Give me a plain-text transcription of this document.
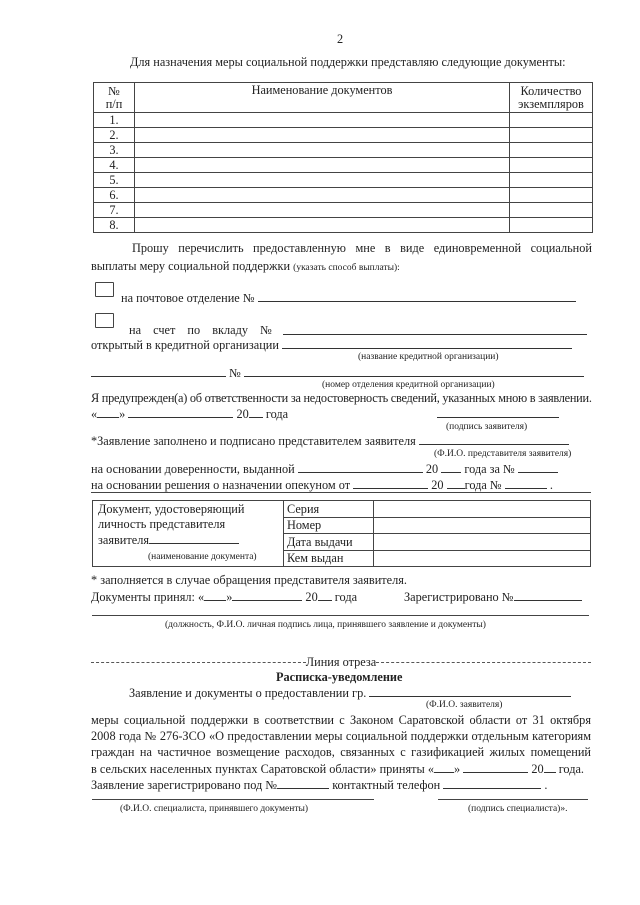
2
Для назначения меры социальной поддержки представляю следующие документы:
№
п/п	Наименование документов	Количество
экземпляров
1.		
2.		
3.		
4.		
5.		
6.		
7.		
8.		
Прошу перечислить предоставленную мне в виде единовременной социальной
выплаты меру социальной поддержки (указать способ выплаты):
на почтовое отделение №
на счет по вкладу №
открытый в кредитной организации
(название кредитной организации)
№
(номер отделения кредитной организации)
Я предупрежден(а) об ответственности за недостоверность сведений, указанных мною в заявлении.
« »	20 года
(подпись заявителя)
*Заявление заполнено и подписано представителем заявителя
(Ф.И.О. представителя заявителя)
на основании доверенности, выданной	20 года за №
на основании решения о назначении опекуном от	20 года №	.
Документ, удостоверяющий
личность представителя
заявителя
(наименование документа)	Серия	
	Номер	
	Дата выдачи	
	Кем выдан	
* заполняется в случае обращения представителя заявителя.
Документы принял: « »	20 года	Зарегистрировано №
(должность, Ф.И.О. личная подпись лица, принявшего заявление и документы)
Линия отреза
Расписка-уведомление
Заявление и документы о предоставлении гр.
(Ф.И.О. заявителя)
меры социальной поддержки в соответствии с Законом Саратовской области от 31 октября
2008 года № 276-ЗСО «О предоставлении меры социальной поддержки отдельным категориям
граждан на частичное возмещение расходов, связанных с газификацией жилых помещений
в сельских населенных пунктах Саратовской области» приняты « »	20 года.
Заявление зарегистрировано под №	контактный телефон	.
(Ф.И.О. специалиста, принявшего документы)	(подпись специалиста)».
